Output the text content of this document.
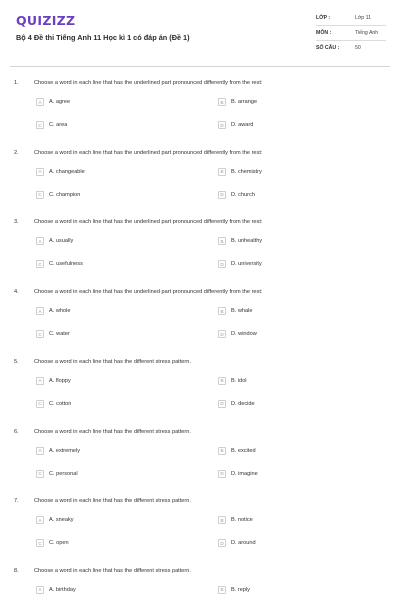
QUIZIZZ
Bộ 4 Đề thi Tiếng Anh 11 Học kì 1 có đáp án (Đề 1)
LỚP :	Lớp 11
MÔN :	Tiếng Anh
SỐ CÂU :	50
1.	Choose a word in each line that has the underlined part pronounced differently from the rest:
A	A. agree	B	B. arrange
C	C. area	D	D. award
2.	Choose a word in each line that has the underlined part pronounced differently from the rest:
A	A. changeable	B	B. chemistry
C	C. champion	D	D. church
3.	Choose a word in each line that has the underlined part pronounced differently from the rest:
A	A. usually	B	B. unhealthy
C	C. usefulness	D	D. university
4.	Choose a word in each line that has the underlined part pronounced differently from the rest:
A	A. whole	B	B. whale
C	C. water	D	D. window
5.	Choose a word in each line that has the different stress pattern.
A	A. floppy	B	B. idol
C	C. cotton	D	D. decide
6.	Choose a word in each line that has the different stress pattern.
A	A. extremely	B	B. excited
C	C. personal	D	D. imagine
7.	Choose a word in each line that has the different stress pattern.
A	A. sneaky	B	B. notice
C	C. open	D	D. around
8.	Choose a word in each line that has the different stress pattern.
A	A. birthday	B	B. reply
